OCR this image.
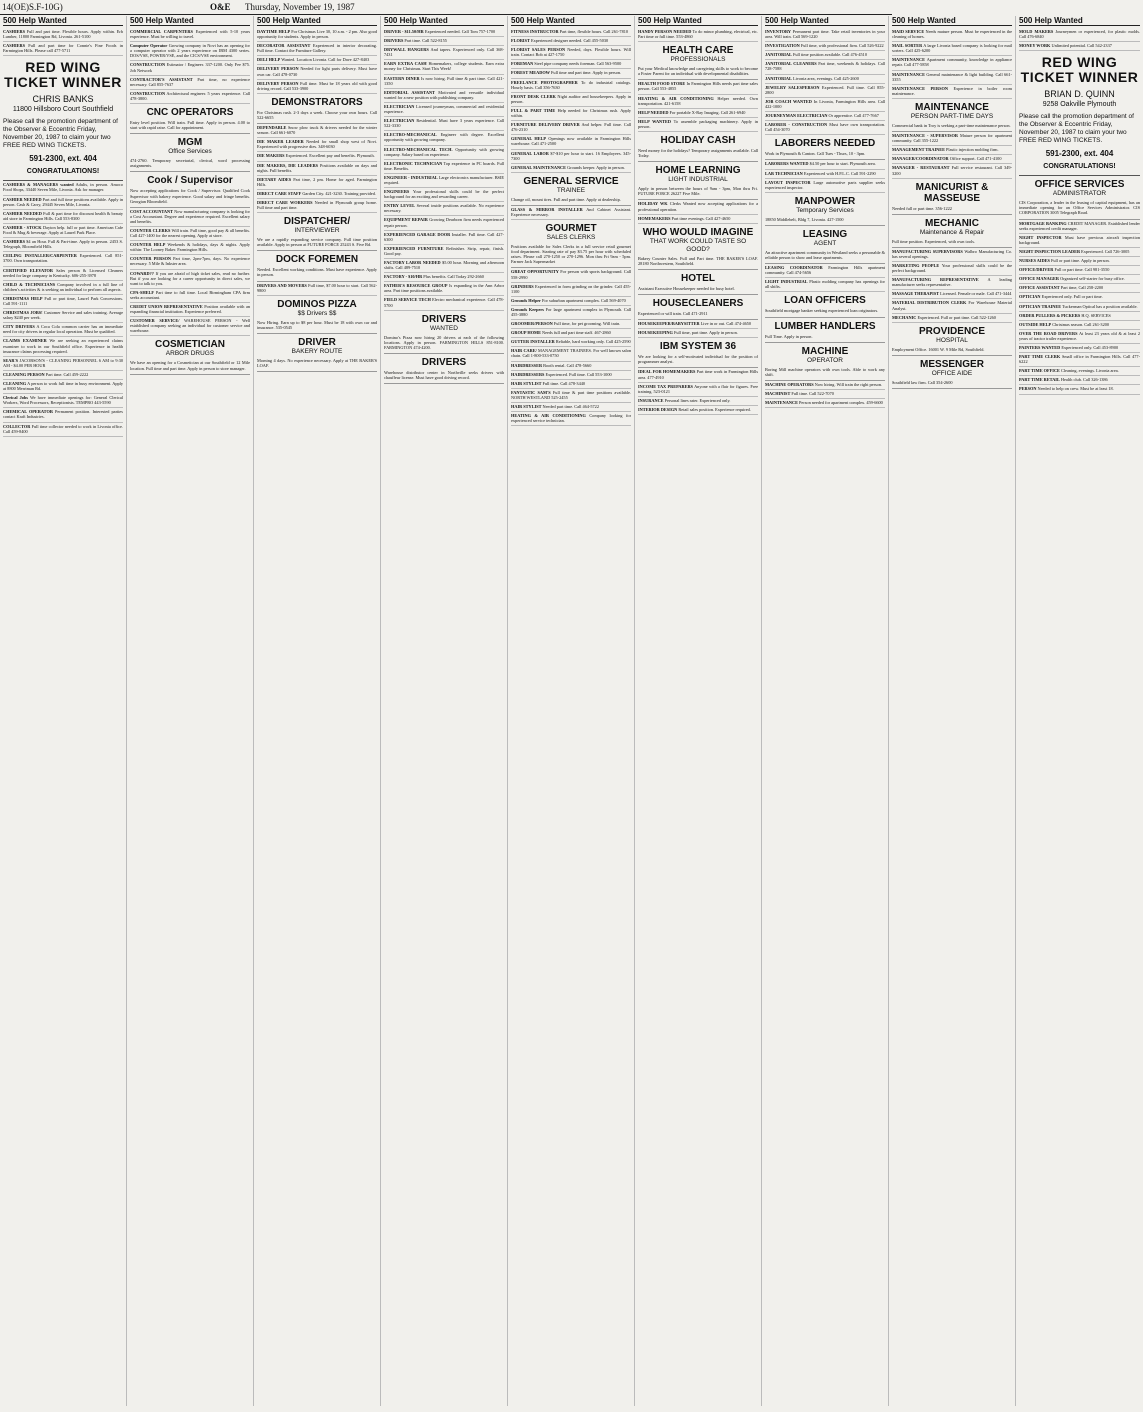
14(OE)S.F-10G)	O&E Thursday, November 19, 1987
500 Help Wanted
CASHIERS Full and part time. Flexible hours. Apply within. Erb Lumber, 11800 Farmington Rd, Livonia. 261-5100
CASHIERS Full and part time for Connie's Fine Foods in Farmington Hills. Please call 477-5711
RED WING TICKET WINNER
CHRIS BANKS
11800 Hillsboro Court Southfield
Please call the promotion department of the Observer & Eccentric Friday, November 20, 1987 to claim your two FREE RED WING TICKETS.
591-2300, ext. 404
CONGRATULATIONS!
CASHIERS & MANAGERS wanted Adults, in person. Amoco Food Shops, 33440 Seven Mile, Livonia. Ask for manager.
CASHIER NEEDED Part and full time positions available. Apply in person. Cash & Carry, 29445 Seven Mile, Livonia.
CASHIER NEEDED Full & part time for discount health & beauty aid store in Farmington Hills. Call 553-8300
CASHIER - STOCK Dayton help. full or part time. American Cafe Food & Mug & beverage. Apply at Laurel Park Place.
CASHIERS $4 an Hour. Full & Part-time. Apply in person. 2453 S. Telegraph, Bloomfield Hills.
CEILING INSTALLER/CARPENTER Experienced. Call 851-3700. Own transportation.
CERTIFIED ELEVATOR Sales person & Licensed Cleaners needed for large company in Kentucky. 606-255-3978
CHILD & TECHNICIANS Company involved in a full line of children's activities & is seeking an individual to perform all aspects.
CHRISTMAS HELP Full or part time, Laurel Park Concessions. Call 591-1111
CHRISTMAS JOBS! Customer Service and sales training. Average salary $240 per week.
CITY DRIVERS A Coca Cola common carrier has an immediate need for city drivers in regular local operation. Must be qualified.
CLAIMS EXAMINER We are seeking an experienced claims examiner to work in our Southfield office. Experience in health insurance claims processing required.
SEAR'S JACOBSON'S - CLEANING PERSONNEL 6 AM to 9:30 AM - $4.00 PER HOUR
CLEANING PERSON Part time. Call 459-2222
CLEANING A person to work full time in busy environment. Apply at 8800 Merriman Rd.
Clerical Jobs We have immediate openings for: General Clerical Workers, Word Processors, Receptionists. TEMPRO 443-5590
CHEMICAL OPERATOR Permanent position. Interested parties contact Kraft Industries.
COLLECTOR Full time collector needed to work in Livonia office. Call 459-8400
500 Help Wanted
COMMERCIAL CARPENTERS Experienced with 5-10 years experience. Must be willing to travel.
Computer Operator Growing company in Novi has an opening for a computer operator with 2 years experience on IBM 4300 series. DOS/VSE, POWER/VSE, and the CICS/VSE environment.
CONSTRUCTION Estimator / Engineer. 337-1200. Only Fee $75. Job Network
CONTRACTOR'S ASSISTANT Part time, no experience necessary. Call 855-7637
CONSTRUCTION Architectural engineer. 5 years experience. Call 478-3800.
CNC OPERATORS
Entry level position. Will train. Full time. Apply in person. 4.00 to start with rapid raise. Call for appointment.
MGM
Office Services
474-2760. Temporary secretarial, clerical, word processing assignments.
Cook / Supervisor
Now accepting applications for Cook / Supervisor. Qualified Cook Supervisor with bakery experience. Good salary and fringe benefits. Georgian Bloomfield.
COST ACCOUNTANT Now manufacturing company is looking for a Cost Accountant. Degree and experience required. Excellent salary and benefits.
COUNTER CLERKS Will train. Full time, good pay & all benefits. Call 427-1400 for the nearest opening. Apply at store.
COUNTER HELP Weekends & holidays, days & nights. Apply within: The Looney Baker. Farmington Hills.
COUNTER PERSON Part time, 2pm-7pm, days. No experience necessary. 5 Mile & Inkster area.
COWARD?? If you are afraid of high ticket sales, read no further. But if you are looking for a career opportunity in direct sales, we want to talk to you.
CPA-SHELF Part time to full time. Local Birmingham CPA firm seeks accountant.
CREDIT UNION REPRESENTATIVE Position available with an expanding financial institution. Experience preferred.
CUSTOMER SERVICE/ WAREHOUSE PERSON - Well established company seeking an individual for customer service and warehouse.
COSMETICIAN
ARBOR DRUGS
We have an opening for a Cosmetician at our Southfield or 12 Mile location. Full time and part time. Apply in person to store manager.
500 Help Wanted
DAYTIME HELP For Christmas Live 30, 10 a.m. - 2 pm. Also good opportunity for students. Apply in person.
DECORATOR ASSISTANT Experienced in interior decorating. Full time. Contact the Furniture Gallery.
DELI HELP Wanted. Location Livonia. Call for Dave 427-8403
DELIVERY PERSON Needed for light parts delivery. Must have own car. Call 478-0730
DELIVERY PERSON Full time. Must be 18 years old with good driving record. Call 533-3900
DEMONSTRATORS
For Christmas rush. 2-3 days a week. Choose your own hours. Call 522-6655
DEPENDABLE Snow plow truck & drivers needed for the winter season. Call 661-6070
DIE MAKER LEADER Needed for small shop west of Novi. Experienced with progressive dies. 348-6030
DIE MAKERS Experienced. Excellent pay and benefits. Plymouth.
DIE MAKERS, DIE LEADERS Positions available on days and nights. Full benefits.
DIETARY AIDES Part time, 2 pm. Home for aged. Farmington Hills.
DIRECT CARE STAFF Garden City. 421-3230. Training provided.
DIRECT CARE WORKERS Needed in Plymouth group home. Full time and part time.
DISPATCHER/
INTERVIEWER
We are a rapidly expanding service company. Full time position available. Apply in person at FUTURE FORCE 25243 S. Five Rd.
DOCK FOREMEN
Needed. Excellent working conditions. Must have experience. Apply in person.
DRIVERS AND MOVERS Full time, $7.00 hour to start. Call 562-9800
DOMINOS PIZZA
$$ Drivers $$
Now Hiring. Earn up to $8 per hour. Must be 18 with own car and insurance. 535-0545
DRIVER
BAKERY ROUTE
Morning 4 days. No experience necessary. Apply at THE BAKER'S LOAF.
500 Help Wanted
DRIVER - $11.50/HR Experienced needed. Call Tom 757-1700
DRIVERS Part time. Call 522-8155
DRYWALL HANGERS And tapers. Experienced only. Call 368-7431
EARN EXTRA CASH Homemakers, college students. Earn extra money for Christmas. Start This Week!
EASTERN DINER Is now hiring. Full time & part time. Call 421-1350
EDITORIAL ASSISTANT Motivated and versatile individual wanted for a new position with publishing company.
ELECTRICIAN Licensed journeyman, commercial and residential experience.
ELECTRICIAN Residential. Must have 3 years experience. Call 522-3330
ELECTRO-MECHANICAL Engineer with degree. Excellent opportunity with growing company.
ELECTRO-MECHANICAL TECH. Opportunity with growing company. Salary based on experience.
ELECTRONIC TECHNICIAN Top experience in PC boards. Full time. Benefits.
ENGINEER - INDUSTRIAL Large electronics manufacturer. BSIE required.
ENGINEERS Your professional skills could be the perfect background for an exciting and rewarding career.
ENTRY LEVEL Several inside positions available. No experience necessary.
EQUIPMENT REPAIR Growing Dearborn firm needs experienced repair person.
EXPERIENCED GARAGE DOOR Installer. Full time. Call 427-6300
EXPERIENCED FURNITURE Refinisher. Strip, repair, finish. Good pay.
FACTORY LABOR NEEDED $5.00 hour. Morning and afternoon shifts. Call 489-7510
FACTORY - $10/HR Plus benefits. Call Today 292-2660
FATHER'S RESOURCE GROUP Is expanding in the Ann Arbor area. Part time positions available.
FIELD SERVICE TECH Electro mechanical experience. Call 478-5700
DRIVERS
WANTED
Domino's Pizza now hiring 20 drivers at each of the following locations. Apply in person. FARMINGTON HILLS 851-8100. FARMINGTON 474-4200.
DRIVERS
Warehouse distributor center in Northville seeks drivers with chauffeur license. Must have good driving record.
500 Help Wanted
FITNESS INSTRUCTOR Part time, flexible hours. Call 261-7810
FLORIST Experienced designer needed. Call 455-5030
FLORIST SALES PERSON Needed, days. Flexible hours. Will train. Contact Bob at 427-1750
FOREMAN Steel pipe company needs foreman. Call 563-9500
FOREST MEADOW Full time and part time. Apply in person.
FREELANCE PHOTOGRAPHER To do industrial catalogs. Hourly basis. Call 356-7630
FRONT DESK CLERK Night auditor and housekeepers. Apply in person.
FULL & PART TIME Help needed for Christmas rush. Apply within.
FURNITURE DELIVERY DRIVER And helper. Full time. Call 476-2310
GENERAL HELP Openings now available in Farmington Hills warehouse. Call 471-2500
GENERAL LABOR $7-$10 per hour to start. 16 Employees. 345-7300
GENERAL MAINTENANCE Grounds keeper. Apply in person.
GENERAL SERVICE
TRAINEE
Change oil, mount tires. Full and part time. Apply at dealership.
GLASS & MIRROR INSTALLER And Cabinet Assistant. Experience necessary.
GOURMET
SALES CLERKS
Positions available for Sales Clerks in a full service retail gourmet food department. Starting rate of pay $3.75 per hour with scheduled raises. Please call 270-1250 or 270-1296. Mon thru Fri 9am - 5pm. Farmer Jack Supermarket
GREAT OPPORTUNITY For person with sports background. Call 558-2990
GRINDERS Experienced in form grinding on the grinder. Call 455-1100
Grounds Helper For suburban apartment complex. Call 569-4070
Grounds Keepers For large apartment complex in Plymouth. Call 455-3880
GROOMER/PERSON Full time, for pet grooming. Will train.
GROUP HOME Needs full and part time staff. 467-2860
GUTTER INSTALLER Reliable, hard working only. Call 425-2590
HAIR CARE/ MANAGEMENT TRAINEES. For well known salon chain. Call 1-800-533-0750
HAIRDRESSER Booth rental. Call 478-5660
HAIRDRESSERS Experienced. Full time. Call 553-1000
HAIR STYLIST Full time. Call 478-3440
FANTASTIC SAM'S Full time & part time positions available. NORTH WESTLAND 525-2455
HAIR STYLIST Needed part time. Call 464-5722
HEATING & AIR CONDITIONING Company looking for experienced service technician.
500 Help Wanted
HANDY PERSON NEEDED To do minor plumbing, electrical, etc. Part time or full time. 553-4860
HEALTH CARE
PROFESSIONALS
Put your Medical knowledge and caregiving skills to work to become a Foster Parent for an individual with developmental disabilities.
HEALTH FOOD STORE In Farmington Hills needs part time sales person. Call 553-4855
HEATING & AIR CONDITIONING Helper needed. Own transportation. 421-6158
HELP NEEDED For portable X-Ray Imaging. Call 261-6940
HELP WANTED To assemble packaging machinery. Apply in person.
HOLIDAY CASH
Need money for the holidays? Temporary assignments available. Call Today.
HOME LEARNING
LIGHT INDUSTRIAL
Apply in person between the hours of 9am - 3pm, Mon thru Fri. FUTURE FORCE 26227 Five Mile.
HOLIDAY WK Clerks Wanted now accepting applications for a professional operation.
HOMEMAKERS Part time evenings. Call 427-4650
WHO WOULD IMAGINE
THAT WORK COULD TASTE SO GOOD?
Bakery Counter Sales. Full and Part time. THE BAKER'S LOAF. 28180 Northwestern, Southfield.
HOTEL
Assistant Executive Housekeeper needed for busy hotel.
HOUSECLEANERS
Experienced or will train. Call 471-2911
HOUSEKEEPER/BABYSITTER Live in or out. Call 474-4650
HOUSEKEEPING Full time, part time. Apply in person.
IBM SYSTEM 36
We are looking for a self-motivated individual for the position of programmer analyst.
IDEAL FOR HOMEMAKERS Part time work in Farmington Hills area. 477-4910
INCOME TAX PREPARERS Anyone with a flair for figures. Free training. 523-0121
INSURANCE Personal lines rater. Experienced only.
INTERIOR DESIGN Retail sales position. Experience required.
500 Help Wanted
INVENTORY Permanent part time. Take retail inventories in your area. Will train. Call 569-1220
INVESTIGATION Full time, with professional firm. Call 526-9222
JANITORIAL Full time position available. Call 476-4510
JANITORIAL CLEANERS Part time, weekends & holidays. Call 728-7588
JANITORIAL Livonia area, evenings. Call 425-2600
JEWELRY SALESPERSON Experienced. Full time. Call 855-2800
JOB COACH WANTED In Livonia, Farmington Hills area. Call 422-1000
JOURNEYMAN ELECTRICIAN Or apprentice. Call 477-7667
LABORER - CONSTRUCTION Must have own transportation. Call 454-3070
LABORERS NEEDED
Work in Plymouth & Canton. Call Tues - Thurs, 10 - 3pm.
LABORERS WANTED $4.50 per hour to start. Plymouth area.
LAB TECHNICIAN Experienced with H.P.L.C. Call 591-2290
LAYOUT INSPECTOR Large automotive parts supplier seeks experienced inspector.
MANPOWER
Temporary Services
18850 Middlebelt, Bldg 7, Livonia. 427-1500
LEASING
AGENT
An attractive apartment community in Westland seeks a personable & reliable person to show and lease apartments.
LEASING COORDINATOR Farmington Hills apartment community. Call 474-5656
LIGHT INDUSTRIAL Plastic molding company has openings for all shifts.
LOAN OFFICERS
Southfield mortgage banker seeking experienced loan originators.
LUMBER HANDLERS
Full Time. Apply in person.
MACHINE
OPERATOR
Boring Mill machine operators with own tools. Able to work any shift.
MACHINE OPERATORS Now hiring. Will train the right person.
MACHINIST Full time. Call 522-7070
MAINTENANCE Person needed for apartment complex. 459-6600
500 Help Wanted
MAID SERVICE Needs mature person. Must be experienced in the cleaning of homes.
MAIL SORTER A large Livonia based company is looking for mail sorters. Call 425-6200
MAINTENANCE Apartment community, knowledge in appliance repair. Call 477-5858
MAINTENANCE General maintenance & light building. Call 661-3355
MAINTENANCE PERSON Experience in boiler room maintenance.
MAINTENANCE
PERSON PART-TIME DAYS
Commercial bank in Troy is seeking a part-time maintenance person.
MAINTENANCE - SUPERVISOR Mature person for apartment community. Call 355-1222
MANAGEMENT TRAINEE Plastic injection molding firm.
MANAGER/COORDINATOR Office support. Call 471-4100
MANAGER - RESTAURANT Full service restaurant. Call 349-3200
MANICURIST & MASSEUSE
Needed full or part time. 356-1222
MECHANIC
Maintenance & Repair
Full time position. Experienced, with own tools.
MANUFACTURING SUPERVISORS Walbro Manufacturing Co. has several openings.
MARKETING PEOPLE Your professional skills could be the perfect background.
MANUFACTURING REPRESENTATIVE A leading manufacturer seeks representative.
MASSAGE THERAPIST Licensed. Female or male. Call 471-3444
MATERIAL DISTRIBUTION CLERK For Warehouse Material Analyst.
MECHANIC Experienced. Full or part time. Call 522-1260
PROVIDENCE
HOSPITAL
Employment Office. 16001 W. 9 Mile Rd, Southfield.
MESSENGER
OFFICE AIDE
Southfield law firm. Call 354-2600
500 Help Wanted
MOLD MAKERS Journeymen or experienced, for plastic molds. Call 476-6840
MONEY WORK Unlimited potential. Call 542-2337
RED WING TICKET WINNER
BRIAN D. QUINN
9258 Oakville Plymouth
Please call the promotion department of the Observer & Eccentric Friday, November 20, 1987 to claim your two FREE RED WING TICKETS.
591-2300, ext. 404
CONGRATULATIONS!
OFFICE SERVICES
ADMINISTRATOR
CIS Corporation, a leader in the leasing of capital equipment, has an immediate opening for an Office Services Administrator. CIS CORPORATION 3005 Telegraph Road.
MORTGAGE BANKING CREDIT MANAGER. Established lender seeks experienced credit manager.
NIGHT INSPECTOR Must have previous aircraft inspection background.
NIGHT INSPECTION LEADER Experienced. Call 726-3005
NURSES AIDES Full or part time. Apply in person.
OFFICE/DRIVER Full or part time. Call 981-3550
OFFICE MANAGER Organized self-starter for busy office.
OFFICE ASSISTANT Part time, Call 258-2200
OPTICIAN Experienced only. Full or part time.
OPTICIAN TRAINEE Tuckerman Optical has a position available.
ORDER PULLERS & PICKERS H.Q. SERVICES
OUTSIDE HELP Christmas season. Call 261-3200
OVER THE ROAD DRIVERS At least 23 years old & at least 2 years of tractor trailer experience.
PAINTERS WANTED Experienced only. Call 453-8900
PART TIME CLERK Small office in Farmington Hills. Call 477-6222
PART TIME OFFICE Cleaning, evenings. Livonia area.
PART TIME RETAIL Health club. Call 326-1386
PERSON Needed to help on crew. Must be at least 18.
